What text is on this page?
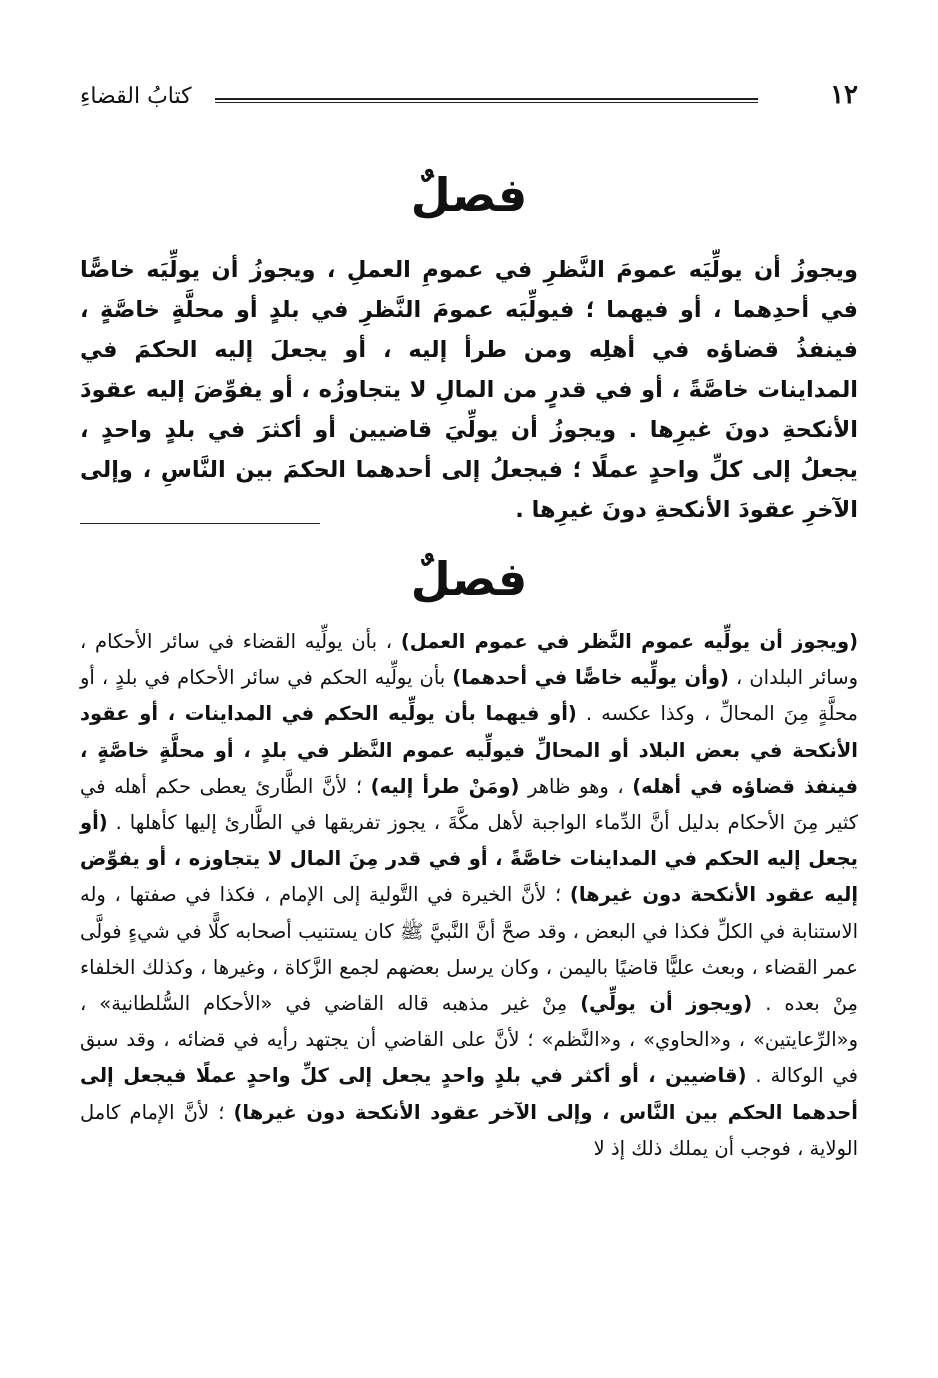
كتابُ القضاءِ	١٢
فصلٌ
ويجوزُ أن يولِّيَه عمومَ النَّظرِ في عمومِ العملِ ، ويجوزُ أن يولِّيَه خاصًّا في أحدِهما ، أو فيهما ؛ فيولِّيَه عمومَ النَّظرِ في بلدٍ أو محلَّةٍ خاصَّةٍ ، فينفذُ قضاؤه في أهلِه ومن طرأ إليه ، أو يجعلَ إليه الحكمَ في المداينات خاصَّةً ، أو في قدرٍ من المالِ لا يتجاوزُه ، أو يفوِّضَ إليه عقودَ الأنكحةِ دونَ غيرِها . ويجوزُ أن يولِّيَ قاضيين أو أكثرَ في بلدٍ واحدٍ ، يجعلُ إلى كلِّ واحدٍ عملًا ؛ فيجعلُ إلى أحدهما الحكمَ بين النَّاسِ ، وإلى الآخرِ عقودَ الأنكحةِ دونَ غيرِها .
فصلٌ
(ويجوز أن يولِّيه عموم النَّظر في عموم العمل) ، بأن يولِّيه القضاء في سائر الأحكام ، وسائر البلدان ، (وأن يولِّيه خاصًّا في أحدهما) بأن يولِّيه الحكم في سائر الأحكام في بلدٍ ، أو محلَّةٍ مِنَ المحالِّ ، وكذا عكسه . (أو فيهما بأن يولِّيه الحكم في المداينات ، أو عقود الأنكحة في بعض البلاد أو المحالِّ فيولِّيه عموم النَّظر في بلدٍ ، أو محلَّةٍ خاصَّةٍ ، فينفذ قضاؤه في أهله) ، وهو ظاهر (ومَنْ طرأ إليه) ؛ لأنَّ الطَّارئ يعطى حكم أهله في كثير مِنَ الأحكام بدليل أنَّ الدِّماء الواجبة لأهل مكَّةَ ، يجوز تفريقها في الطَّارئ إليها كأهلها . (أو يجعل إليه الحكم في المداينات خاصَّةً ، أو في قدر مِنَ المال لا يتجاوزه ، أو يفوِّض إليه عقود الأنكحة دون غيرها) ؛ لأنَّ الخيرة في التَّولية إلى الإمام ، فكذا في صفتها ، وله الاستنابة في الكلِّ فكذا في البعض ، وقد صحَّ أنَّ النَّبيَّ ﷺ كان يستنيب أصحابه كلًّا في شيءٍ فولَّى عمر القضاء ، وبعث عليًّا قاضيًا باليمن ، وكان يرسل بعضهم لجمع الزَّكاة ، وغيرها ، وكذلك الخلفاء مِنْ بعده . (ويجوز أن يولِّي) مِنْ غير مذهبه قاله القاضي في «الأحكام السُّلطانية» ، و«الرِّعايتين» ، و«الحاوي» ، و«النَّظم» ؛ لأنَّ على القاضي أن يجتهد رأيه في قضائه ، وقد سبق في الوكالة . (قاضيين ، أو أكثر في بلدٍ واحدٍ يجعل إلى كلِّ واحدٍ عملًا فيجعل إلى أحدهما الحكم بين النَّاس ، وإلى الآخر عقود الأنكحة دون غيرها) ؛ لأنَّ الإمام كامل الولاية ، فوجب أن يملك ذلك إذ لا
